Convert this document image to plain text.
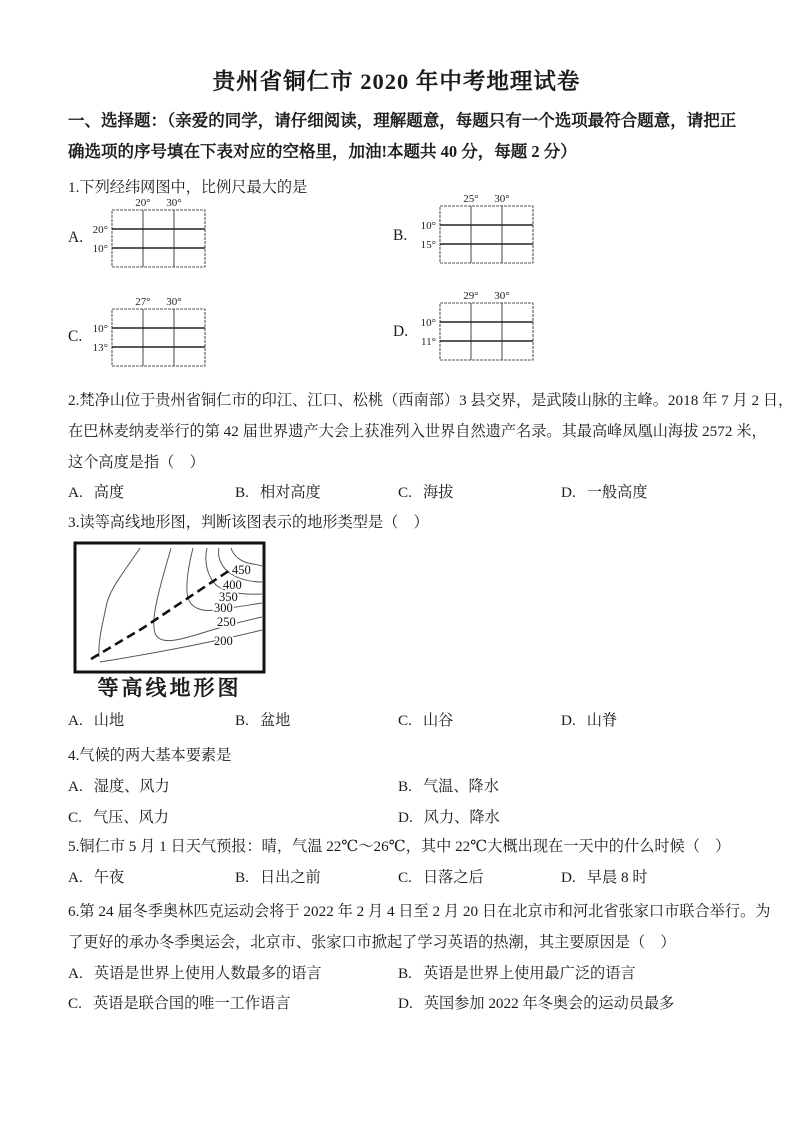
贵州省铜仁市 2020 年中考地理试卷
一、选择题：（亲爱的同学，请仔细阅读，理解题意，每题只有一个选项最符合题意，请把正
确选项的序号填在下表对应的空格里，加油!本题共 40 分，每题 2 分）
1.下列经纬网图中，比例尺最大的是
A.
20° 30°
20°
10°
B.
25° 30°
10°
15°
C.
27° 30°
10°
13°
D.
29° 30°
10°
11°
2.梵净山位于贵州省铜仁市的印江、江口、松桃（西南部）3 县交界，是武陵山脉的主峰。2018 年 7 月 2 日，
在巴林麦纳麦举行的第 42 届世界遗产大会上获准列入世界自然遗产名录。其最高峰凤凰山海拔 2572 米，
这个高度是指（　）
3.读等高线地形图，判断该图表示的地形类型是（　）
450
400
350
300
250
200
等高线地形图
4.气候的两大基本要素是
5.铜仁市 5 月 1 日天气预报：晴，气温 22℃～26℃，其中 22℃大概出现在一天中的什么时候（　）
6.第 24 届冬季奥林匹克运动会将于 2022 年 2 月 4 日至 2 月 20 日在北京市和河北省张家口市联合举行。为
了更好的承办冬季奥运会，北京市、张家口市掀起了学习英语的热潮，其主要原因是（　）
A. 高度	B. 相对高度	C. 海拔	D. 一般高度
A. 山地	B. 盆地	C. 山谷	D. 山脊
A. 湿度、风力	B. 气温、降水
C. 气压、风力	D. 风力、降水
A. 午夜	B. 日出之前	C. 日落之后	D. 早晨 8 时
A. 英语是世界上使用人数最多的语言	B. 英语是世界上使用最广泛的语言
C. 英语是联合国的唯一工作语言	D. 英国参加 2022 年冬奥会的运动员最多
